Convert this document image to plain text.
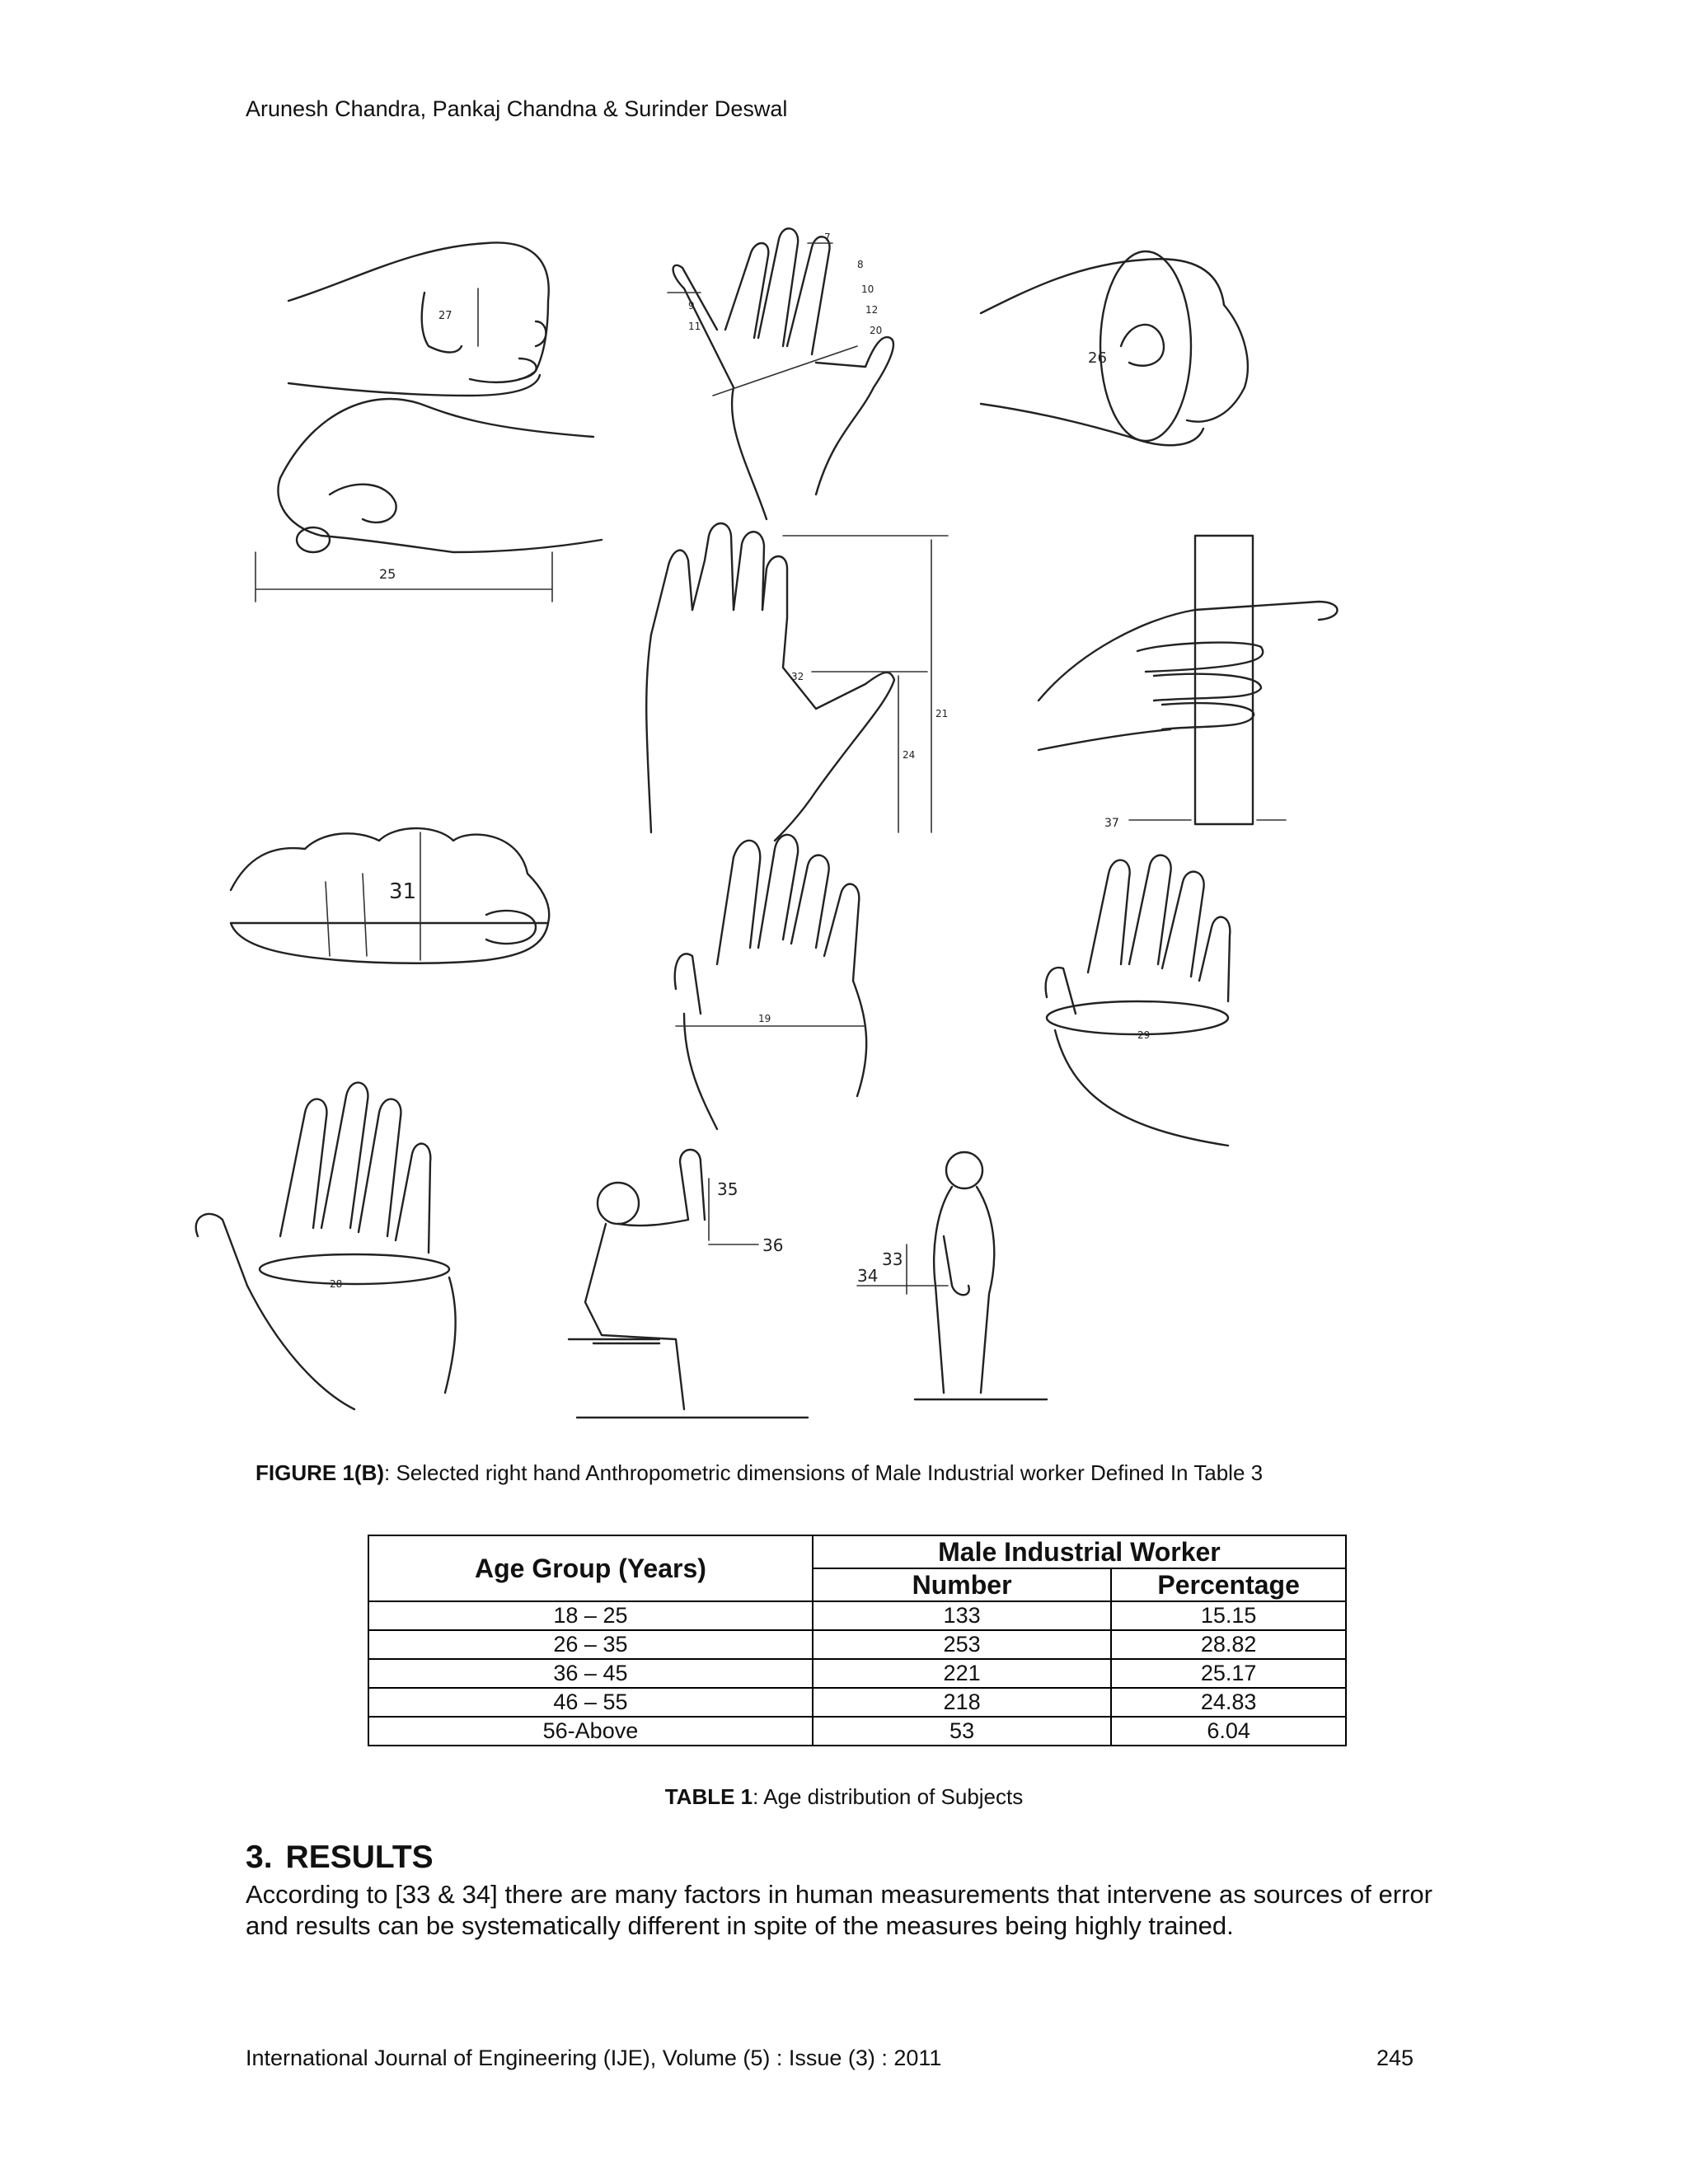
Arunesh Chandra, Pankaj Chandna & Surinder Deswal
27
7
8
9
10
11
12
20
26
25
32
21
24
37
31
19
29
28
35
36
33
34
FIGURE 1(B): Selected right hand Anthropometric dimensions of Male Industrial worker Defined In Table 3
Age Group (Years)	Male Industrial Worker	
	Number	Percentage
18 – 25	133	15.15
26 – 35	253	28.82
36 – 45	221	25.17
46 – 55	218	24.83
56-Above	53	6.04
TABLE 1: Age distribution of Subjects
3. RESULTS
According to [33 & 34] there are many factors in human measurements that intervene as sources of error and results can be systematically different in spite of the measures being highly trained.
International Journal of Engineering (IJE), Volume (5) : Issue (3) : 2011	245
